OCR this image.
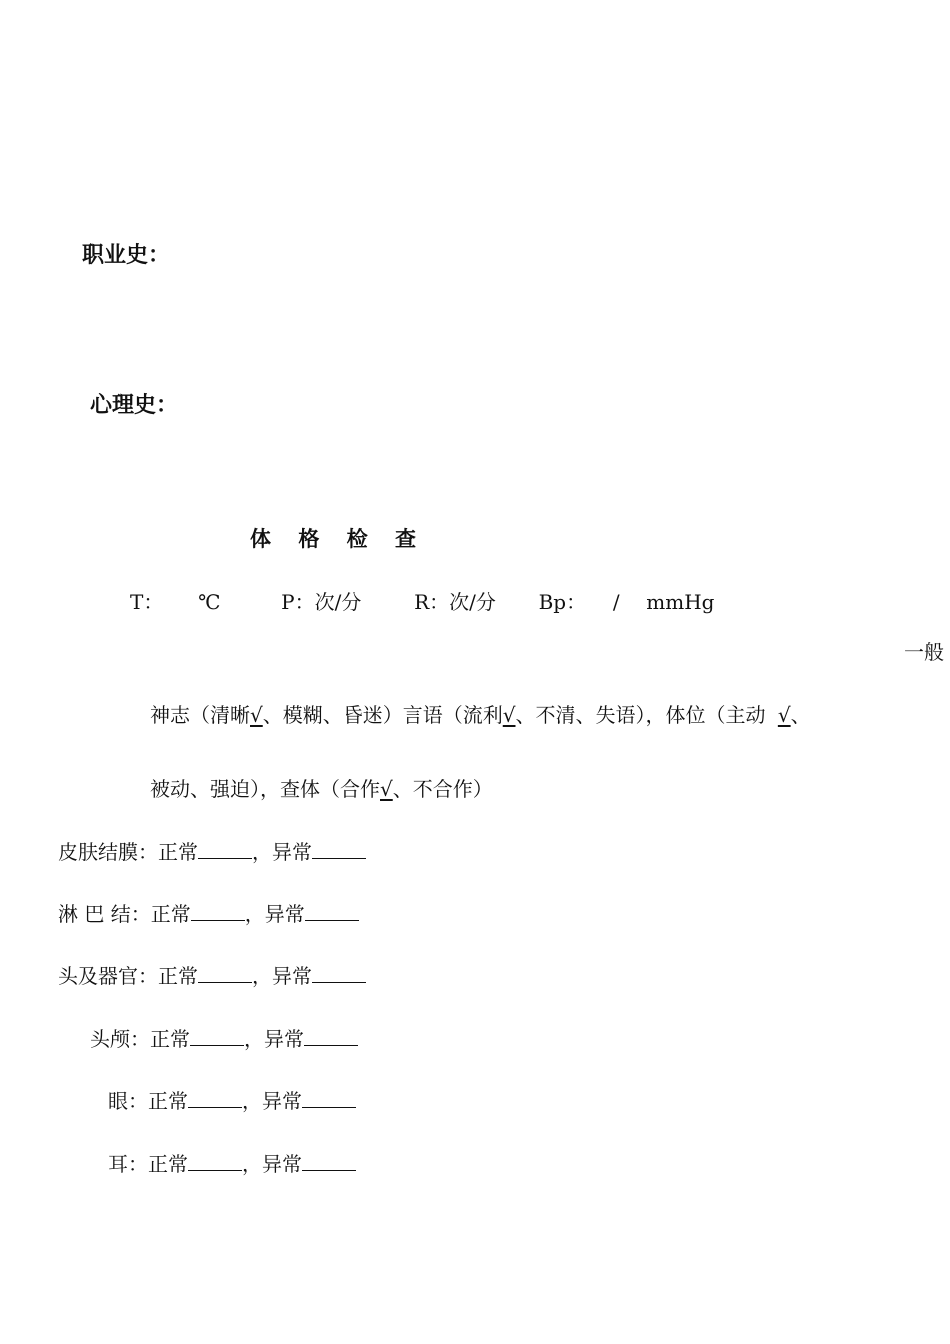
职业史：
心理史：
体 格 检 查
T： ℃	P：次/分	R：次/分 Bp： / mmHg
一般
神志（清晰√、模糊、昏迷）言语（流利√、不清、失语），体位（主动 √、
被动、强迫），查体（合作√、不合作）
皮肤结膜：正常	，异常
淋 巴 结：正常	，异常
头及器官：正常	，异常
头颅：正常	，异常
眼：正常	，异常
耳：正常	，异常
